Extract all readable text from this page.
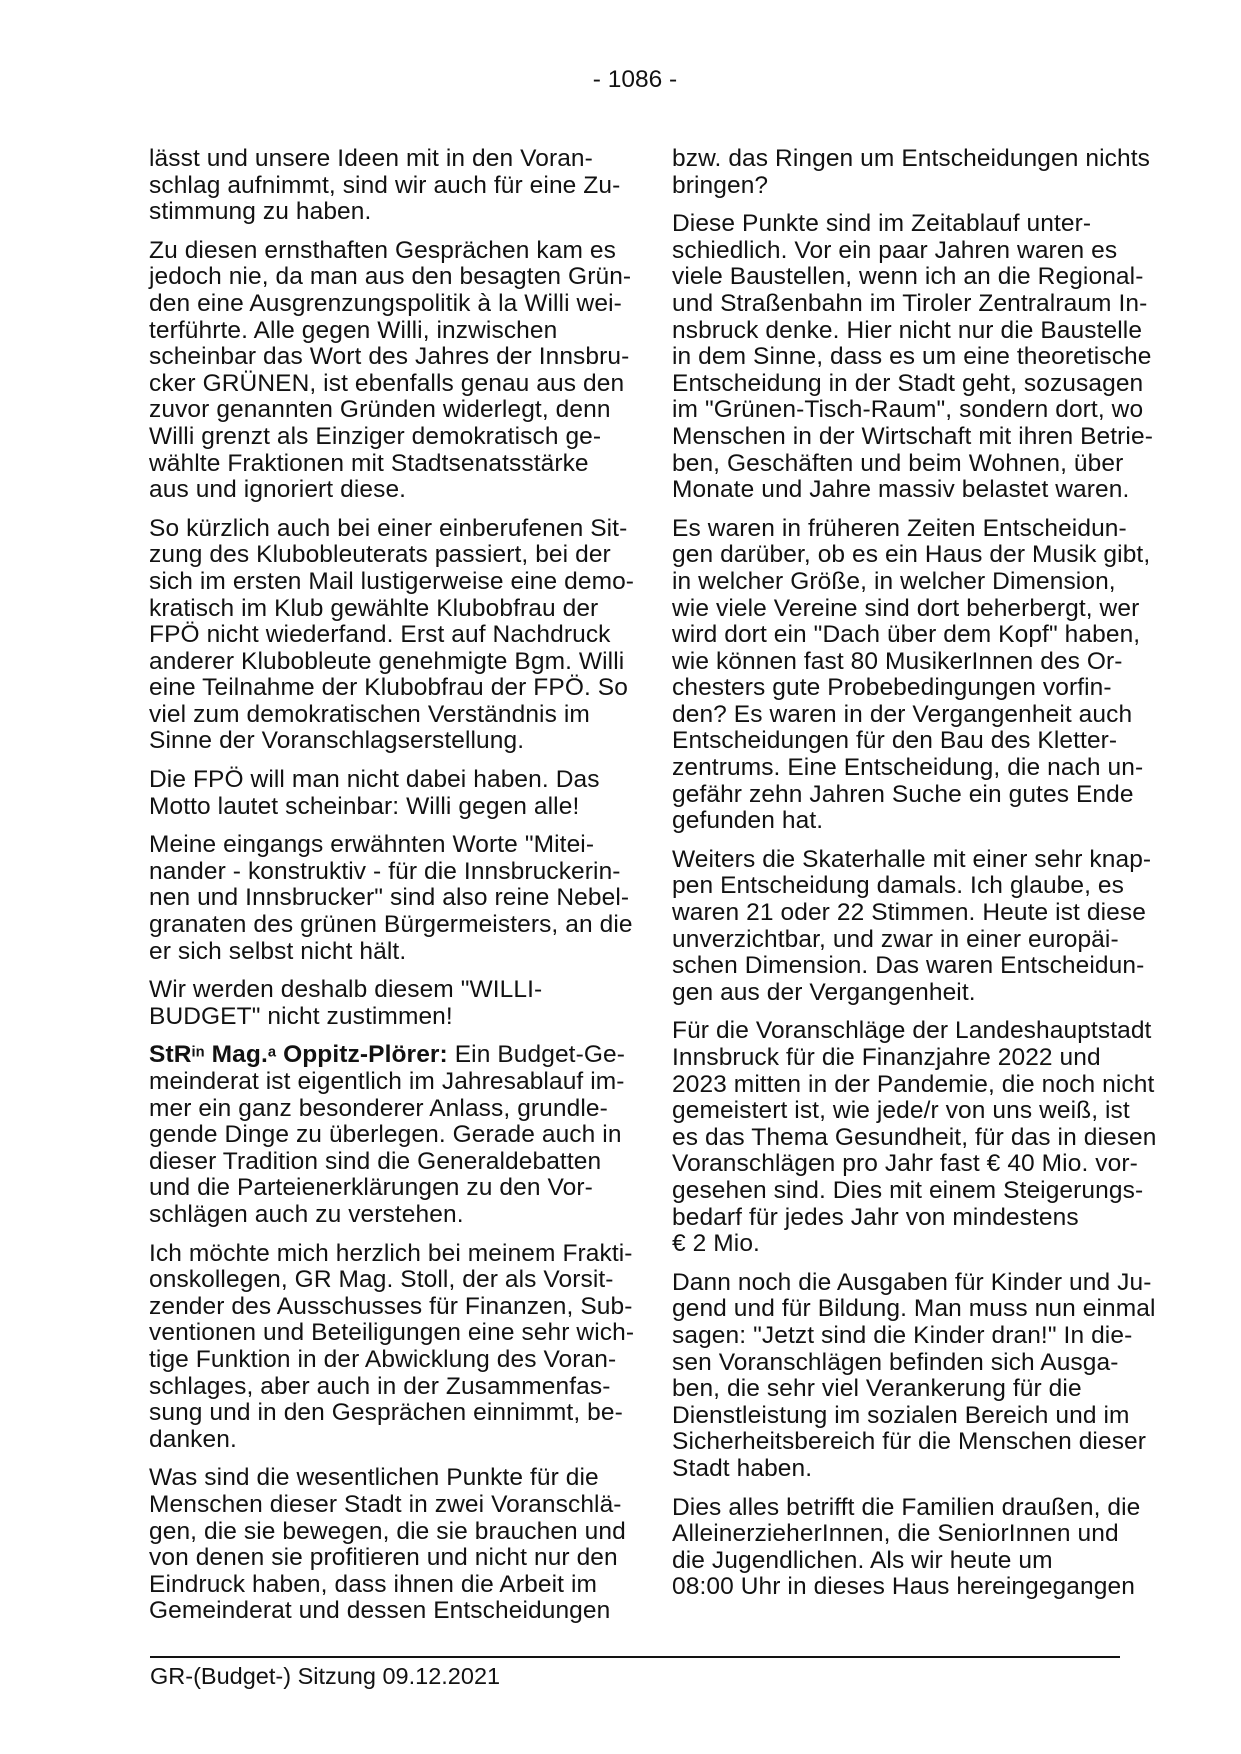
- 1086 -

lässt und unsere Ideen mit in den Voran-
schlag aufnimmt, sind wir auch für eine Zu-
stimmung zu haben.

Zu diesen ernsthaften Gesprächen kam es
jedoch nie, da man aus den besagten Grün-
den eine Ausgrenzungspolitik à la Willi wei-
terführte. Alle gegen Willi, inzwischen
scheinbar das Wort des Jahres der Innsbru-
cker GRÜNEN, ist ebenfalls genau aus den
zuvor genannten Gründen widerlegt, denn
Willi grenzt als Einziger demokratisch ge-
wählte Fraktionen mit Stadtsenatsstärke
aus und ignoriert diese.

So kürzlich auch bei einer einberufenen Sit-
zung des Klubobleuterats passiert, bei der
sich im ersten Mail lustigerweise eine demo-
kratisch im Klub gewählte Klubobfrau der
FPÖ nicht wiederfand. Erst auf Nachdruck
anderer Klubobleute genehmigte Bgm. Willi
eine Teilnahme der Klubobfrau der FPÖ. So
viel zum demokratischen Verständnis im
Sinne der Voranschlagserstellung.

Die FPÖ will man nicht dabei haben. Das
Motto lautet scheinbar: Willi gegen alle!

Meine eingangs erwähnten Worte "Mitei-
nander - konstruktiv - für die Innsbruckerin-
nen und Innsbrucker" sind also reine Nebel-
granaten des grünen Bürgermeisters, an die
er sich selbst nicht hält.

Wir werden deshalb diesem "WILLI-
BUDGET" nicht zustimmen!

StR$^{in}$ Mag.$^a$ Oppitz-Plörer: Ein Budget-Ge-
meinderat ist eigentlich im Jahresablauf im-
mer ein ganz besonderer Anlass, grundle-
gende Dinge zu überlegen. Gerade auch in
dieser Tradition sind die Generaldebatten
und die Parteienerklärungen zu den Vor-
schlägen auch zu verstehen.

Ich möchte mich herzlich bei meinem Frakti-
onskollegen, GR Mag. Stoll, der als Vorsit-
zender des Ausschusses für Finanzen, Sub-
ventionen und Beteiligungen eine sehr wich-
tige Funktion in der Abwicklung des Voran-
schlages, aber auch in der Zusammenfas-
sung und in den Gesprächen einnimmt, be-
danken.

Was sind die wesentlichen Punkte für die
Menschen dieser Stadt in zwei Voranschlä-
gen, die sie bewegen, die sie brauchen und
von denen sie profitieren und nicht nur den
Eindruck haben, dass ihnen die Arbeit im
Gemeinderat und dessen Entscheidungen

bzw. das Ringen um Entscheidungen nichts
bringen?

Diese Punkte sind im Zeitablauf unter-
schiedlich. Vor ein paar Jahren waren es
viele Baustellen, wenn ich an die Regional-
und Straßenbahn im Tiroler Zentralraum In-
nsbruck denke. Hier nicht nur die Baustelle
in dem Sinne, dass es um eine theoretische
Entscheidung in der Stadt geht, sozusagen
im "Grünen-Tisch-Raum", sondern dort, wo
Menschen in der Wirtschaft mit ihren Betrie-
ben, Geschäften und beim Wohnen, über
Monate und Jahre massiv belastet waren.

Es waren in früheren Zeiten Entscheidun-
gen darüber, ob es ein Haus der Musik gibt,
in welcher Größe, in welcher Dimension,
wie viele Vereine sind dort beherbergt, wer
wird dort ein "Dach über dem Kopf" haben,
wie können fast 80 MusikerInnen des Or-
chesters gute Probebedingungen vorfin-
den? Es waren in der Vergangenheit auch
Entscheidungen für den Bau des Kletter-
zentrums. Eine Entscheidung, die nach un-
gefähr zehn Jahren Suche ein gutes Ende
gefunden hat.

Weiters die Skaterhalle mit einer sehr knap-
pen Entscheidung damals. Ich glaube, es
waren 21 oder 22 Stimmen. Heute ist diese
unverzichtbar, und zwar in einer europäi-
schen Dimension. Das waren Entscheidun-
gen aus der Vergangenheit.

Für die Voranschläge der Landeshauptstadt
Innsbruck für die Finanzjahre 2022 und
2023 mitten in der Pandemie, die noch nicht
gemeistert ist, wie jede/r von uns weiß, ist
es das Thema Gesundheit, für das in diesen
Voranschlägen pro Jahr fast € 40 Mio. vor-
gesehen sind. Dies mit einem Steigerungs-
bedarf für jedes Jahr von mindestens
€ 2 Mio.

Dann noch die Ausgaben für Kinder und Ju-
gend und für Bildung. Man muss nun einmal
sagen: "Jetzt sind die Kinder dran!" In die-
sen Voranschlägen befinden sich Ausga-
ben, die sehr viel Verankerung für die
Dienstleistung im sozialen Bereich und im
Sicherheitsbereich für die Menschen dieser
Stadt haben.

Dies alles betrifft die Familien draußen, die
AlleinerzieherInnen, die SeniorInnen und
die Jugendlichen. Als wir heute um
08:00 Uhr in dieses Haus hereingegangen

GR-(Budget-) Sitzung 09.12.2021
